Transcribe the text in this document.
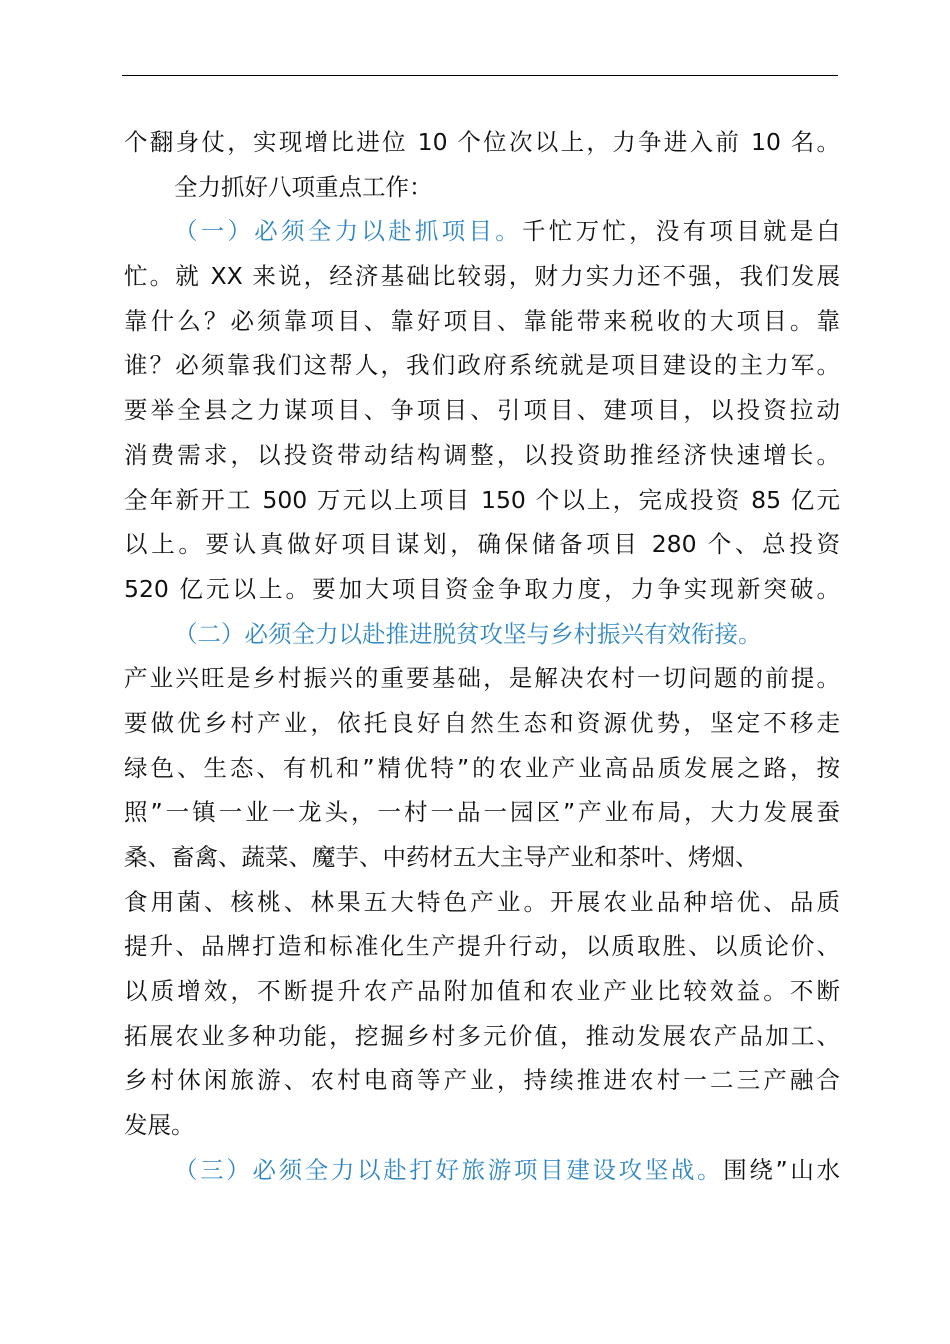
个翻身仗，实现增比进位 10 个位次以上，力争进入前 10 名。
全力抓好八项重点工作：
（一）必须全力以赴抓项目。千忙万忙，没有项目就是白
忙。就 XX 来说，经济基础比较弱，财力实力还不强，我们发展
靠什么？必须靠项目、靠好项目、靠能带来税收的大项目。靠
谁？必须靠我们这帮人，我们政府系统就是项目建设的主力军。
要举全县之力谋项目、争项目、引项目、建项目，以投资拉动
消费需求，以投资带动结构调整，以投资助推经济快速增长。
全年新开工 500 万元以上项目 150 个以上，完成投资 85 亿元
以上。要认真做好项目谋划，确保储备项目 280 个、总投资
520 亿元以上。要加大项目资金争取力度，力争实现新突破。
（二）必须全力以赴推进脱贫攻坚与乡村振兴有效衔接。
产业兴旺是乡村振兴的重要基础，是解决农村一切问题的前提。
要做优乡村产业，依托良好自然生态和资源优势，坚定不移走
绿色、生态、有机和”精优特”的农业产业高品质发展之路，按
照”一镇一业一龙头，一村一品一园区”产业布局，大力发展蚕
桑、畜禽、蔬菜、魔芋、中药材五大主导产业和茶叶、烤烟、
食用菌、核桃、林果五大特色产业。开展农业品种培优、品质
提升、品牌打造和标准化生产提升行动，以质取胜、以质论价、
以质增效，不断提升农产品附加值和农业产业比较效益。不断
拓展农业多种功能，挖掘乡村多元价值，推动发展农产品加工、
乡村休闲旅游、农村电商等产业，持续推进农村一二三产融合
发展。
（三）必须全力以赴打好旅游项目建设攻坚战。围绕”山水
